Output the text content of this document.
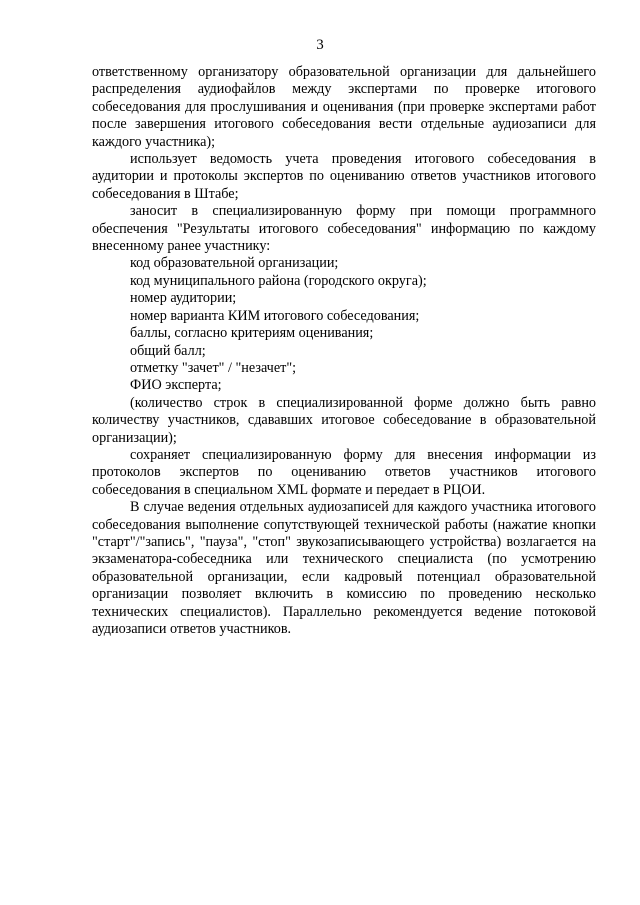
3

ответственному организатору образовательной организации для дальнейшего распределения аудиофайлов между экспертами по проверке итогового собеседования для прослушивания и оценивания (при проверке экспертами работ после завершения итогового собеседования вести отдельные аудиозаписи для каждого участника);

использует ведомость учета проведения итогового собеседования в аудитории и протоколы экспертов по оцениванию ответов участников итогового собеседования в Штабе;

заносит в специализированную форму при помощи программного обеспечения "Результаты итогового собеседования" информацию по каждому внесенному ранее участнику:

код образовательной организации;

код муниципального района (городского округа);

номер аудитории;

номер варианта КИМ итогового собеседования;

баллы, согласно критериям оценивания;

общий балл;

отметку "зачет" / "незачет";

ФИО эксперта;

(количество строк в специализированной форме должно быть равно количеству участников, сдававших итоговое собеседование в образовательной организации);

сохраняет специализированную форму для внесения информации из протоколов экспертов по оцениванию ответов участников итогового собеседования в специальном XML формате и передает в РЦОИ.

В случае ведения отдельных аудиозаписей для каждого участника итогового собеседования выполнение сопутствующей технической работы (нажатие кнопки "старт"/"запись", "пауза", "стоп" звукозаписывающего устройства) возлагается на экзаменатора-собеседника или технического специалиста (по усмотрению образовательной организации, если кадровый потенциал образовательной организации позволяет включить в комиссию по проведению несколько технических специалистов). Параллельно рекомендуется ведение потоковой аудиозаписи ответов участников.
